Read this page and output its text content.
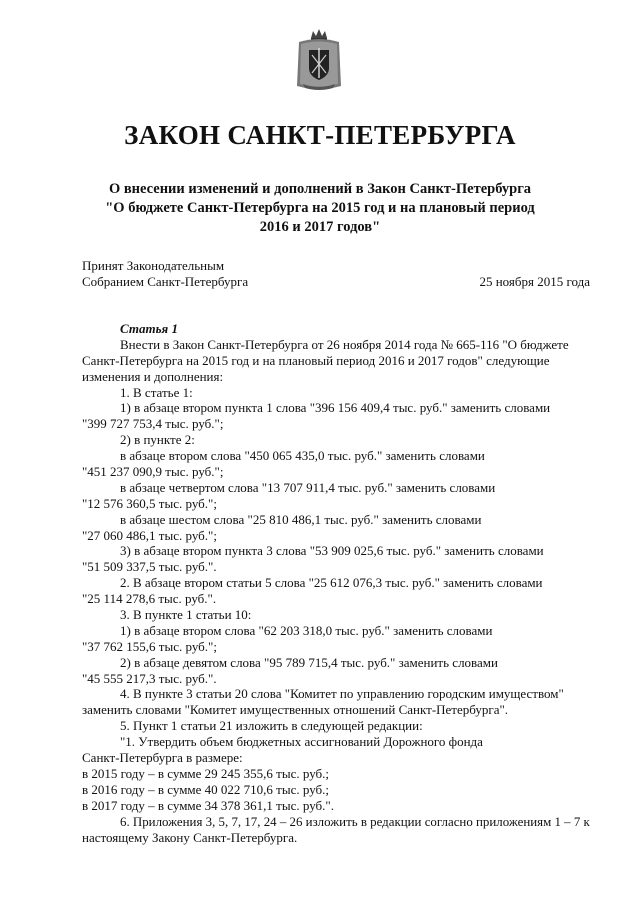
ЗАКОН САНКТ-ПЕТЕРБУРГА
О внесении изменений и дополнений в Закон Санкт-Петербурга
"О бюджете Санкт-Петербурга на 2015 год и на плановый период
2016 и 2017 годов"
Принят Законодательным
Собранием Санкт-Петербурга	25 ноября 2015 года
Статья 1
Внести в Закон Санкт-Петербурга от 26 ноября 2014 года № 665-116 "О бюджете
Санкт-Петербурга на 2015 год и на плановый период 2016 и 2017 годов" следующие
изменения и дополнения:
1. В статье 1:
1) в абзаце втором пункта 1 слова "396 156 409,4 тыс. руб." заменить словами
"399 727 753,4 тыс. руб.";
2) в пункте 2:
в абзаце втором слова "450 065 435,0 тыс. руб." заменить словами
"451 237 090,9 тыс. руб.";
в абзаце четвертом слова "13 707 911,4 тыс. руб." заменить словами
"12 576 360,5 тыс. руб.";
в абзаце шестом слова "25 810 486,1 тыс. руб." заменить словами
"27 060 486,1 тыс. руб.";
3) в абзаце втором пункта 3 слова "53 909 025,6 тыс. руб." заменить словами
"51 509 337,5 тыс. руб.".
2. В абзаце втором статьи 5 слова "25 612 076,3 тыс. руб." заменить словами
"25 114 278,6 тыс. руб.".
3. В пункте 1 статьи 10:
1) в абзаце втором слова "62 203 318,0 тыс. руб." заменить словами
"37 762 155,6 тыс. руб.";
2) в абзаце девятом слова "95 789 715,4 тыс. руб." заменить словами
"45 555 217,3 тыс. руб.".
4. В пункте 3 статьи 20 слова "Комитет по управлению городским имуществом"
заменить словами "Комитет имущественных отношений Санкт-Петербурга".
5. Пункт 1 статьи 21 изложить в следующей редакции:
"1. Утвердить объем бюджетных ассигнований Дорожного фонда
Санкт-Петербурга в размере:
в 2015 году – в сумме 29 245 355,6 тыс. руб.;
в 2016 году – в сумме 40 022 710,6 тыс. руб.;
в 2017 году – в сумме 34 378 361,1 тыс. руб.".
6. Приложения 3, 5, 7, 17, 24 – 26 изложить в редакции согласно приложениям 1 – 7 к
настоящему Закону Санкт-Петербурга.
